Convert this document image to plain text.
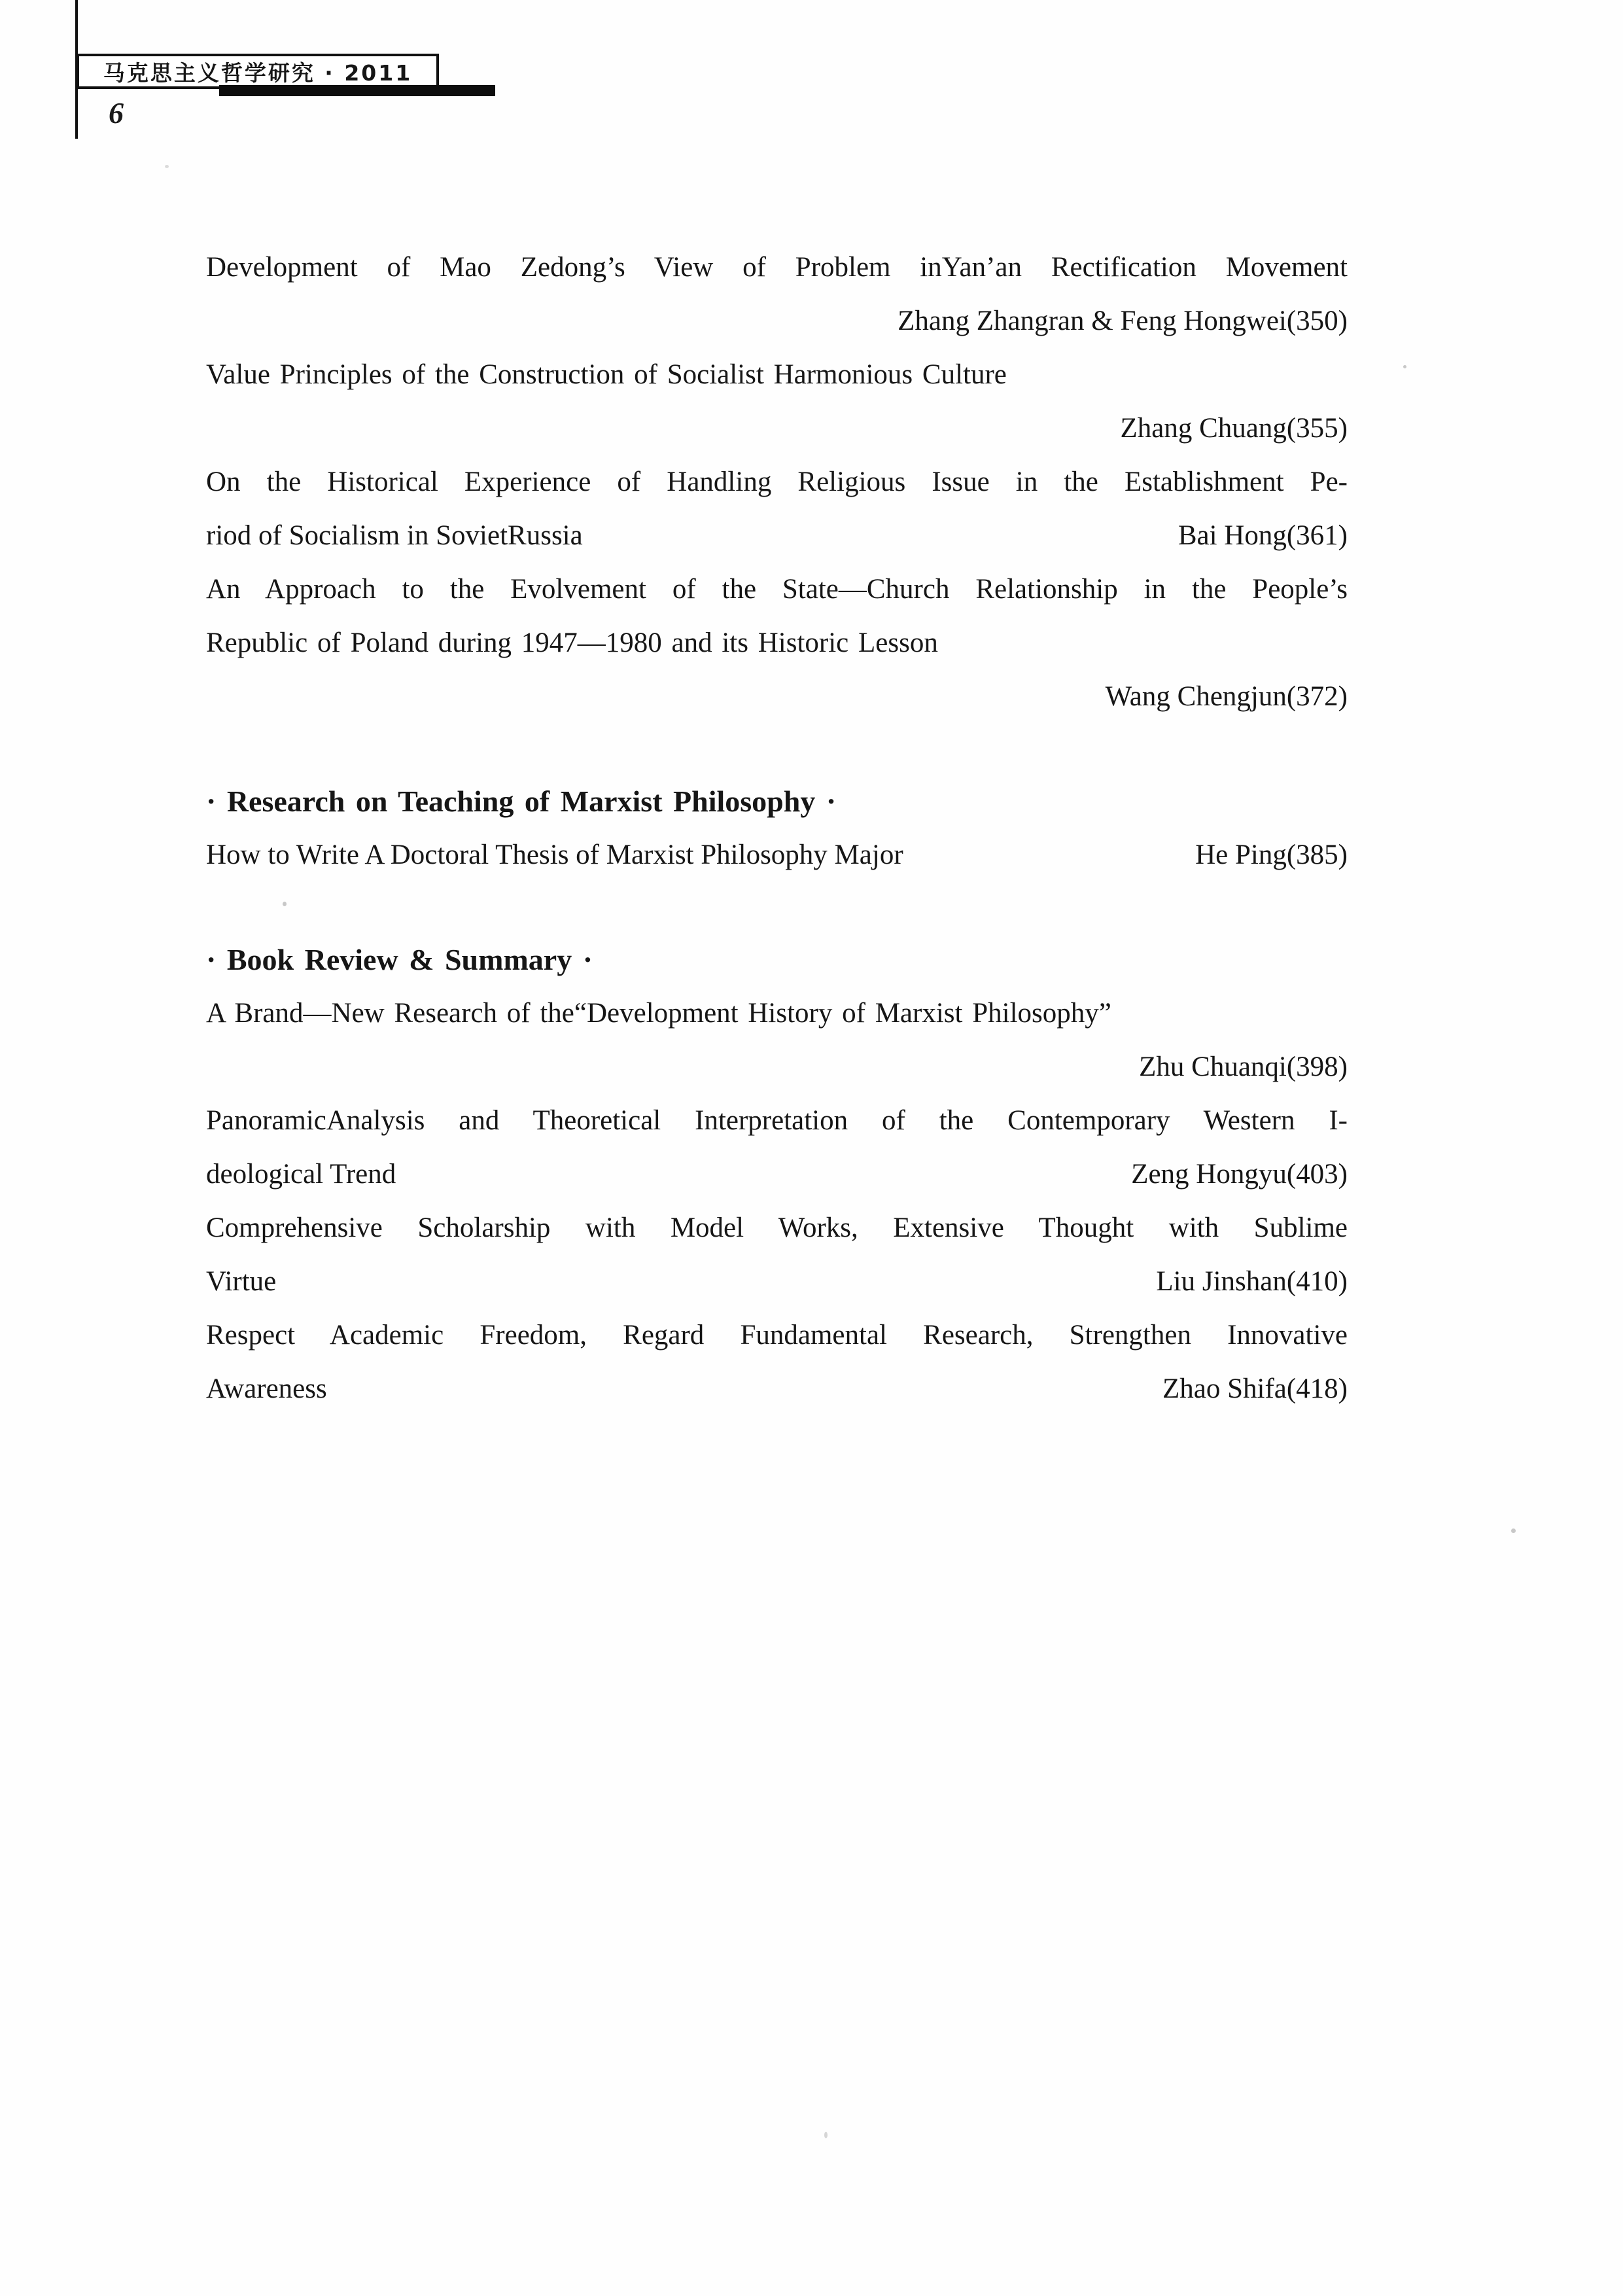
马克思主义哲学研究 · 2011
6
Development of Mao Zedong’s View of Problem inYan’an Rectification Movement
Zhang Zhangran & Feng Hongwei(350)
Value Principles of the Construction of Socialist Harmonious Culture
Zhang Chuang(355)
On the Historical Experience of Handling Religious Issue in the Establishment Pe-
riod of Socialism in SovietRussia	Bai Hong(361)
An Approach to the Evolvement of the State—Church Relationship in the People’s
Republic of Poland during 1947—1980 and its Historic Lesson
Wang Chengjun(372)
· Research on Teaching of Marxist Philosophy ·
How to Write A Doctoral Thesis of Marxist Philosophy Major	He Ping(385)
· Book Review & Summary ·
A Brand—New Research of the“Development History of Marxist Philosophy”
Zhu Chuanqi(398)
PanoramicAnalysis and Theoretical Interpretation of the Contemporary Western I-
deological Trend	Zeng Hongyu(403)
Comprehensive Scholarship with Model Works, Extensive Thought with Sublime
Virtue	Liu Jinshan(410)
Respect Academic Freedom, Regard Fundamental Research, Strengthen Innovative
Awareness	Zhao Shifa(418)
